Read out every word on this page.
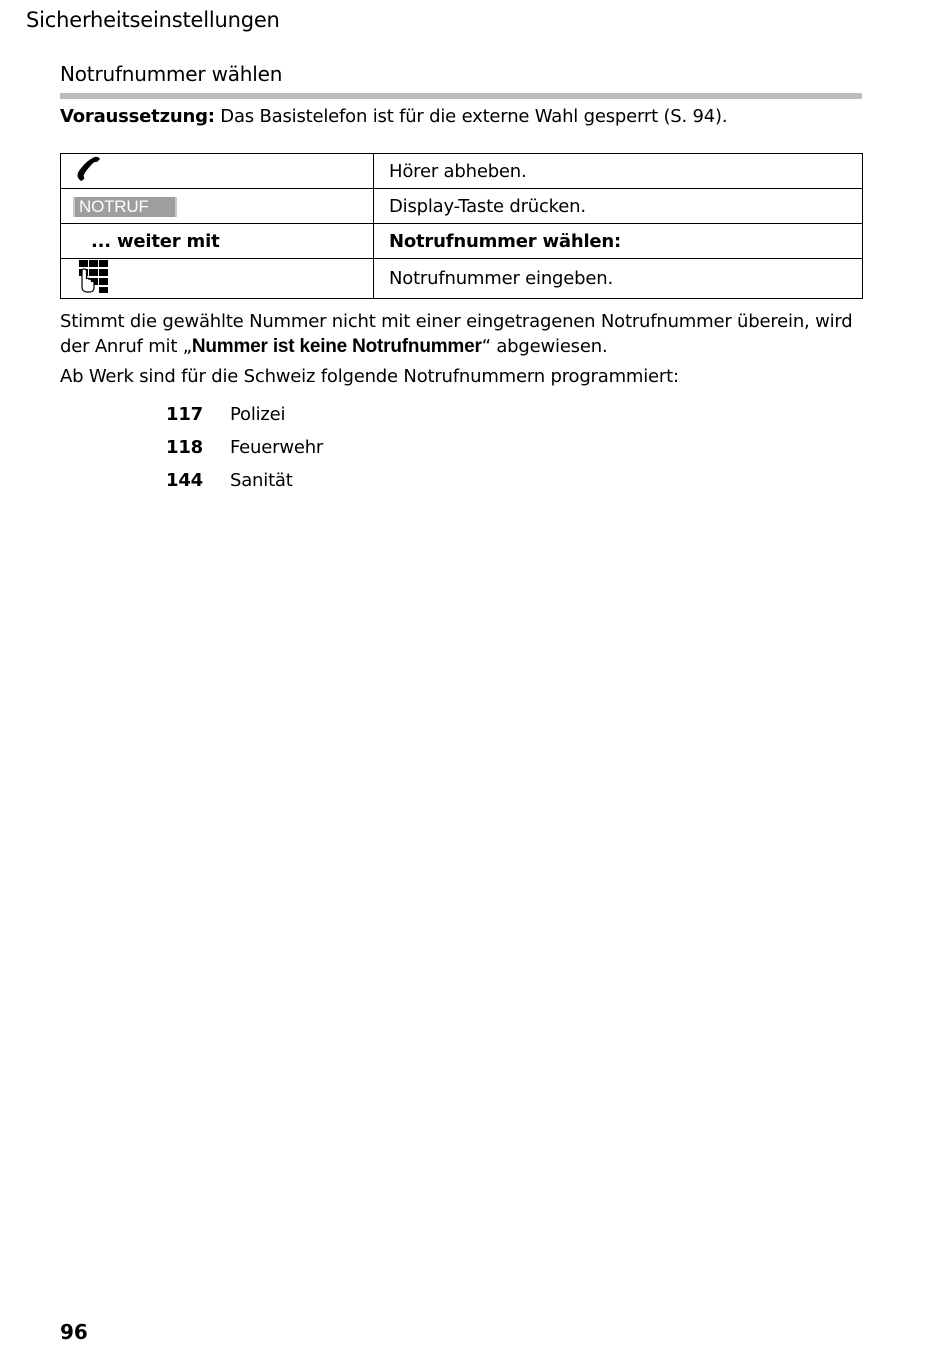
Sicherheitseinstellungen
Notrufnummer wählen
Voraussetzung: Das Basistelefon ist für die externe Wahl gesperrt (S. 94).
	Hörer abheben.
NOTRUF	Display-Taste drücken.
... weiter mit	Notrufnummer wählen:
	Notrufnummer eingeben.
Stimmt die gewählte Nummer nicht mit einer eingetragenen Notrufnummer überein, wird der Anruf mit „Nummer ist keine Notrufnummer“ abgewiesen.
Ab Werk sind für die Schweiz folgende Notrufnummern programmiert:
117	Polizei
118	Feuerwehr
144	Sanität
96
